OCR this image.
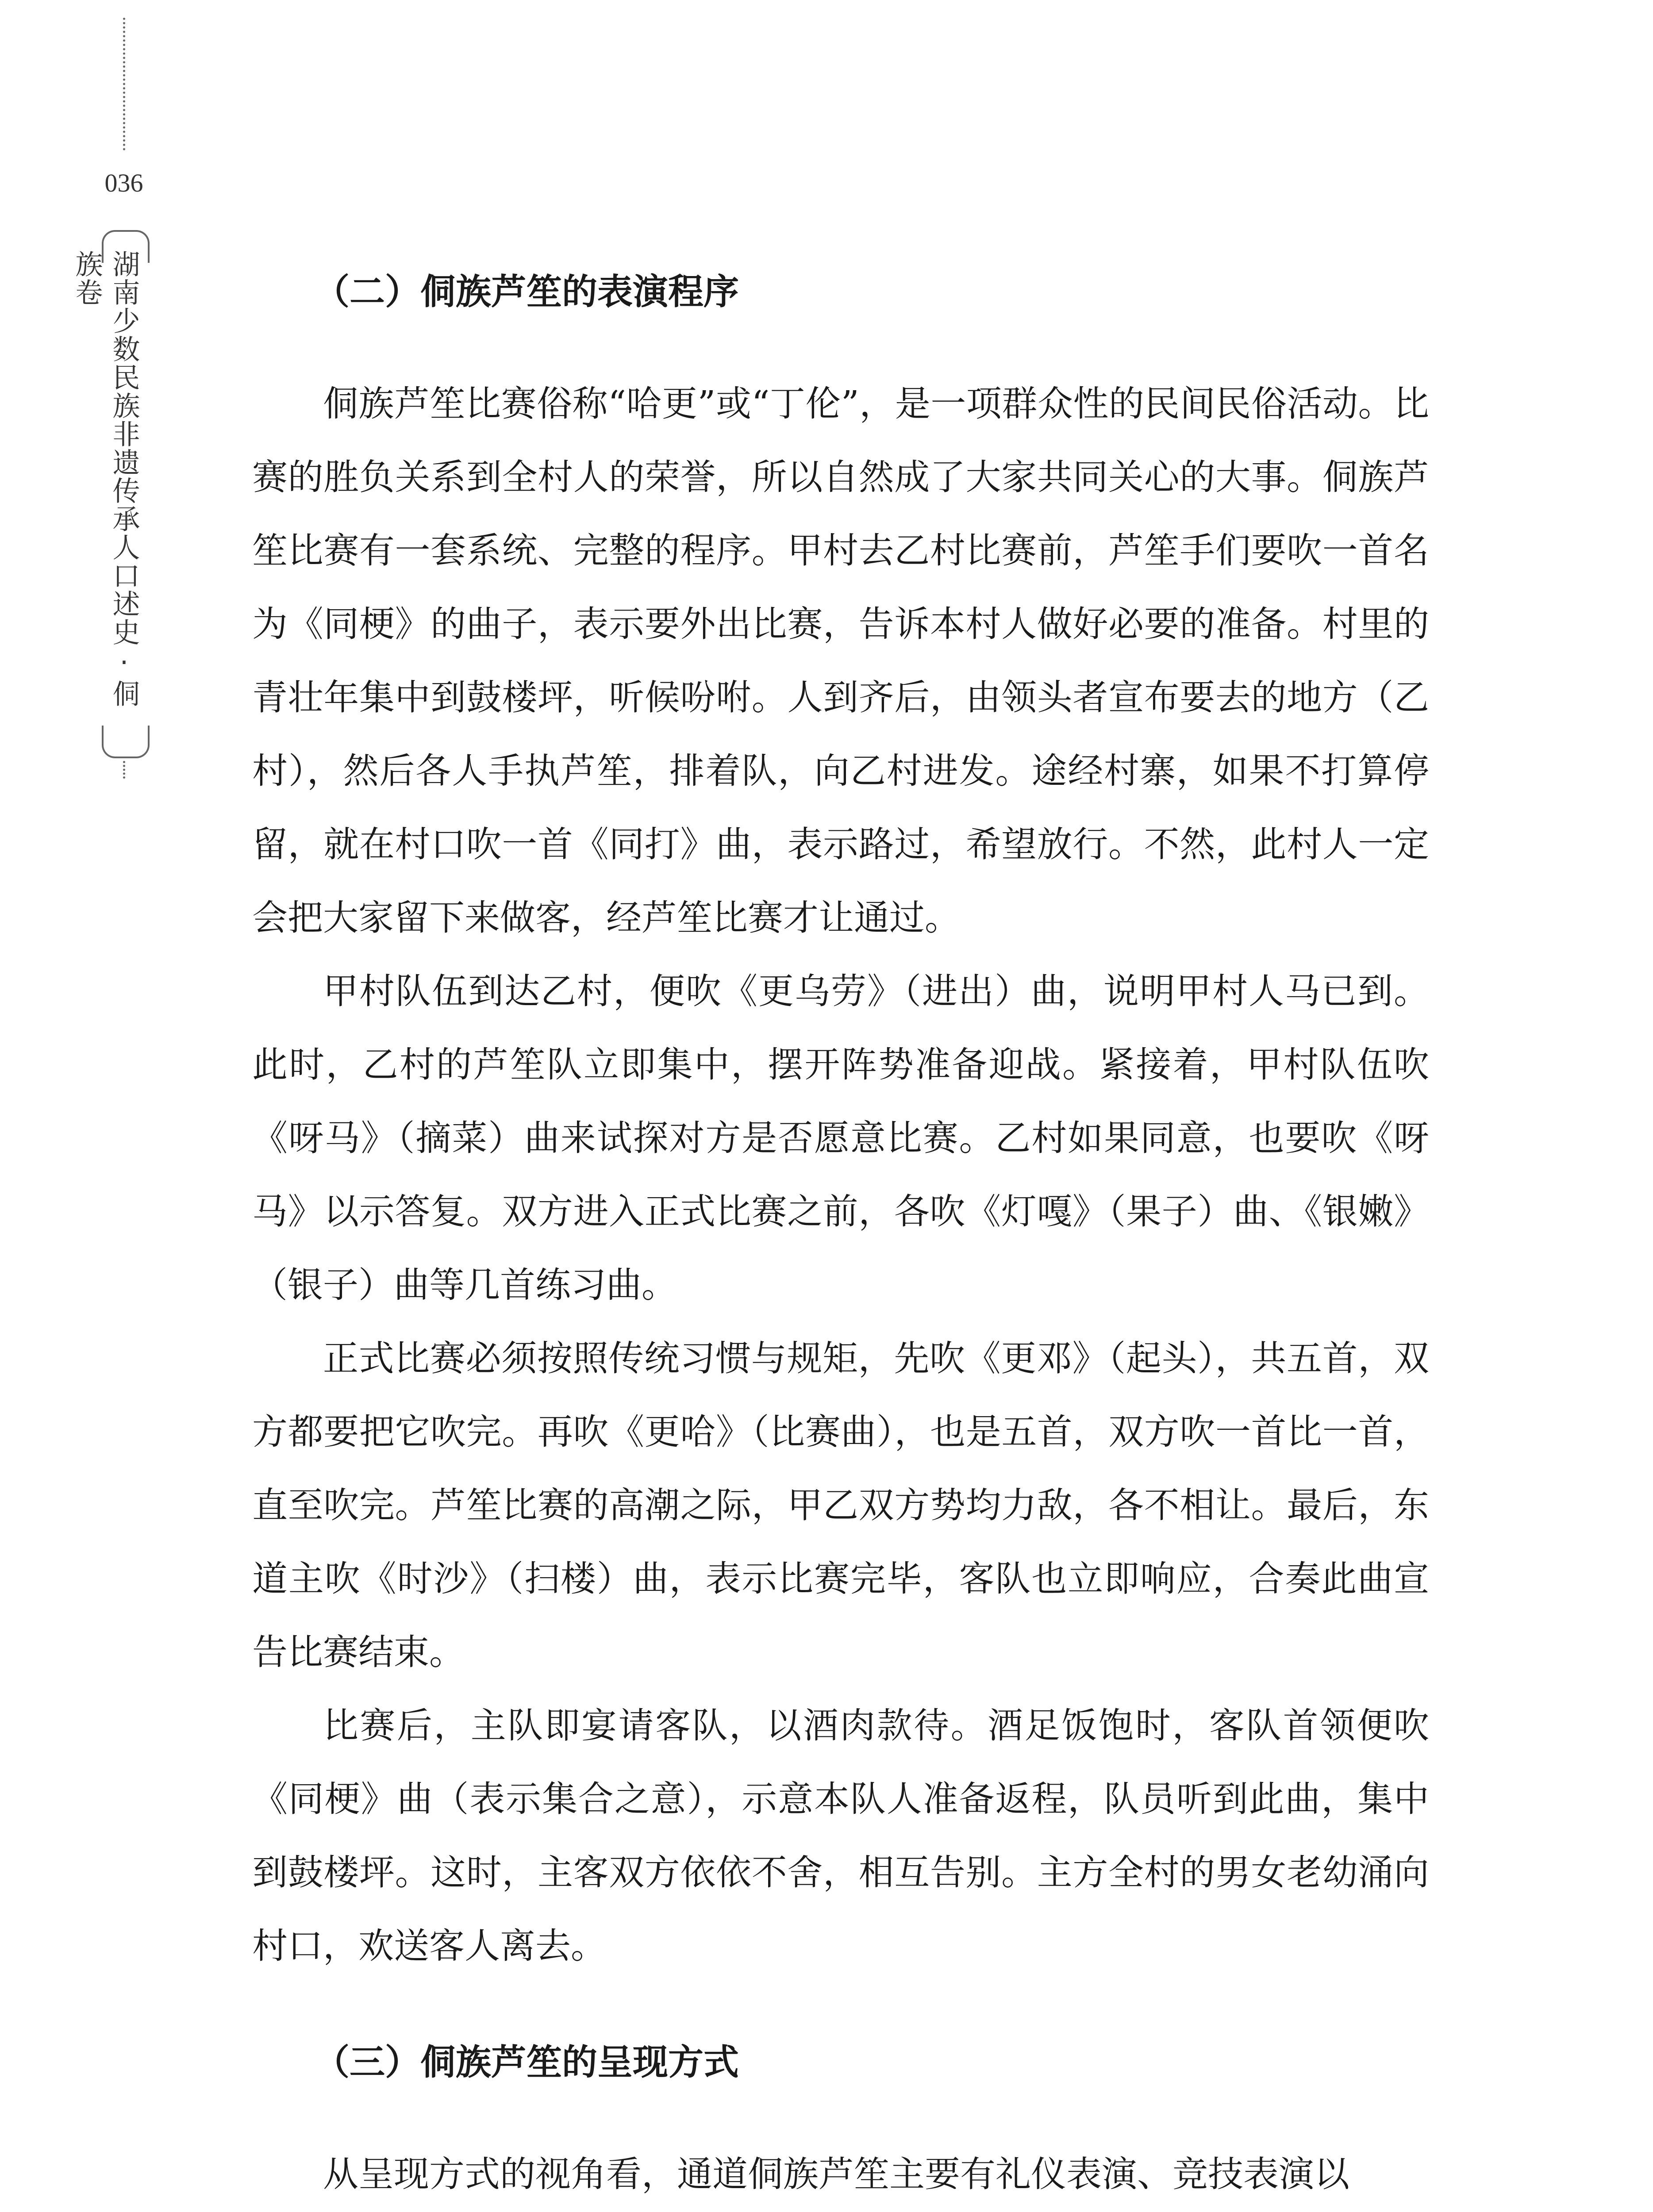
036
湖南少数民族非遗传承人口述史·侗族卷	（二）侗族芦笙的表演程序

侗族芦笙比赛俗称“哈更”或“丁伦”，是一项群众性的民间民俗活动。比赛的胜负关系到全村人的荣誉，所以自然成了大家共同关心的大事。侗族芦笙比赛有一套系统、完整的程序。甲村去乙村比赛前，芦笙手们要吹一首名为《同梗》的曲子，表示要外出比赛，告诉本村人做好必要的准备。村里的青壮年集中到鼓楼坪，听候吩咐。人到齐后，由领头者宣布要去的地方（乙村），然后各人手执芦笙，排着队，向乙村进发。途经村寨，如果不打算停留，就在村口吹一首《同打》曲，表示路过，希望放行。不然，此村人一定会把大家留下来做客，经芦笙比赛才让通过。

甲村队伍到达乙村，便吹《更乌劳》（进出）曲，说明甲村人马已到。此时，乙村的芦笙队立即集中，摆开阵势准备迎战。紧接着，甲村队伍吹《呀马》（摘菜）曲来试探对方是否愿意比赛。乙村如果同意，也要吹《呀马》以示答复。双方进入正式比赛之前，各吹《灯嘎》（果子）曲、《银嫩》（银子）曲等几首练习曲。

正式比赛必须按照传统习惯与规矩，先吹《更邓》（起头），共五首，双方都要把它吹完。再吹《更哈》（比赛曲），也是五首，双方吹一首比一首，直至吹完。芦笙比赛的高潮之际，甲乙双方势均力敌，各不相让。最后，东道主吹《时沙》（扫楼）曲，表示比赛完毕，客队也立即响应，合奏此曲宣告比赛结束。

比赛后，主队即宴请客队，以酒肉款待。酒足饭饱时，客队首领便吹《同梗》曲（表示集合之意），示意本队人准备返程，队员听到此曲，集中到鼓楼坪。这时，主客双方依依不舍，相互告别。主方全村的男女老幼涌向村口，欢送客人离去。

（三）侗族芦笙的呈现方式

从呈现方式的视角看，通道侗族芦笙主要有礼仪表演、竞技表演以
